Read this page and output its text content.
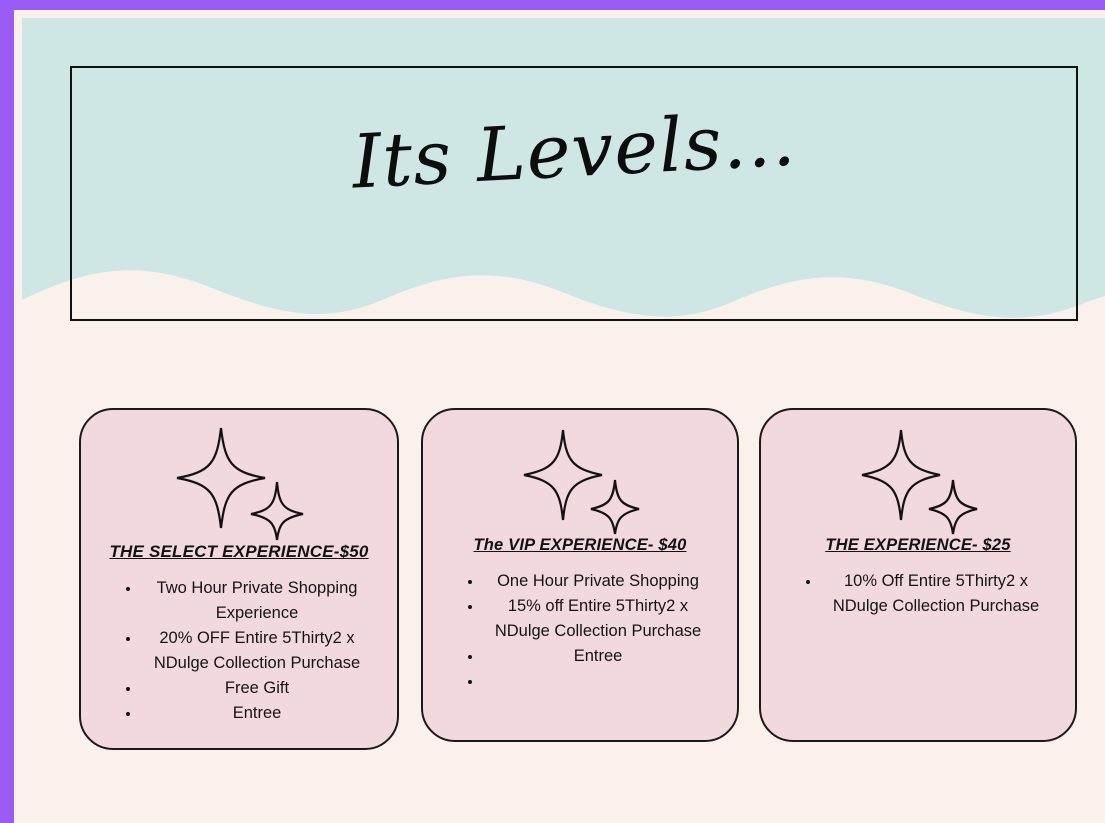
Its Levels...
THE SELECT EXPERIENCE-$50
• Two Hour Private Shopping Experience
• 20% OFF Entire 5Thirty2 x NDulge Collection Purchase
• Free Gift
• Entree
The VIP EXPERIENCE- $40
• One Hour Private Shopping
• 15% off Entire 5Thirty2 x NDulge Collection Purchase
• Entree
•
THE EXPERIENCE- $25
• 10% Off Entire 5Thirty2 x NDulge Collection Purchase
